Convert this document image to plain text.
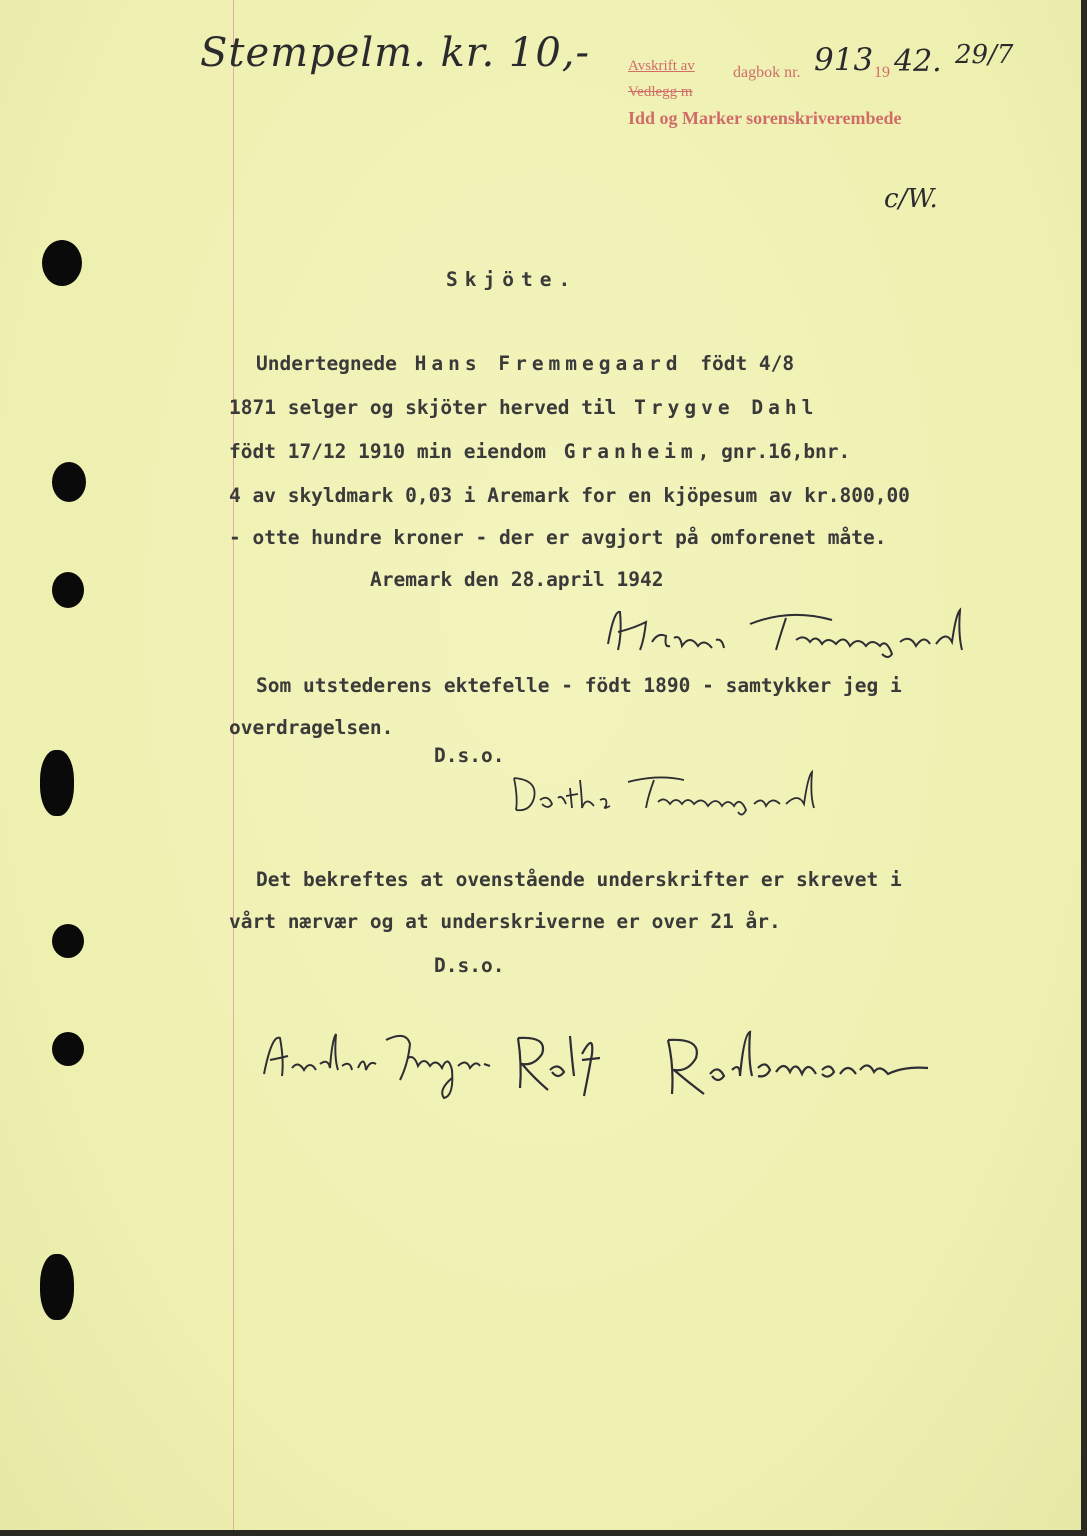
Stempelm. kr. 10,-	Avskrift av dagbok nr. 913 19 42. 29/7
Vedlegg m
Idd og Marker sorenskriverembede
c/W.
Skjöte.
Undertegnede Hans Fremmegaard födt 4/8
1871 selger og skjöter herved til Trygve Dahl
födt 17/12 1910 min eiendom Granheim, gnr.16,bnr.
4 av skyldmark 0,03 i Aremark for en kjöpesum av kr.800,00
- otte hundre kroner - der er avgjort på omforenet måte.
Aremark den 28.april 1942
Som utstederens ektefelle - födt 1890 - samtykker jeg i
overdragelsen.
D.s.o.
Det bekreftes at ovenstående underskrifter er skrevet i
vårt nærvær og at underskriverne er over 21 år.
D.s.o.
